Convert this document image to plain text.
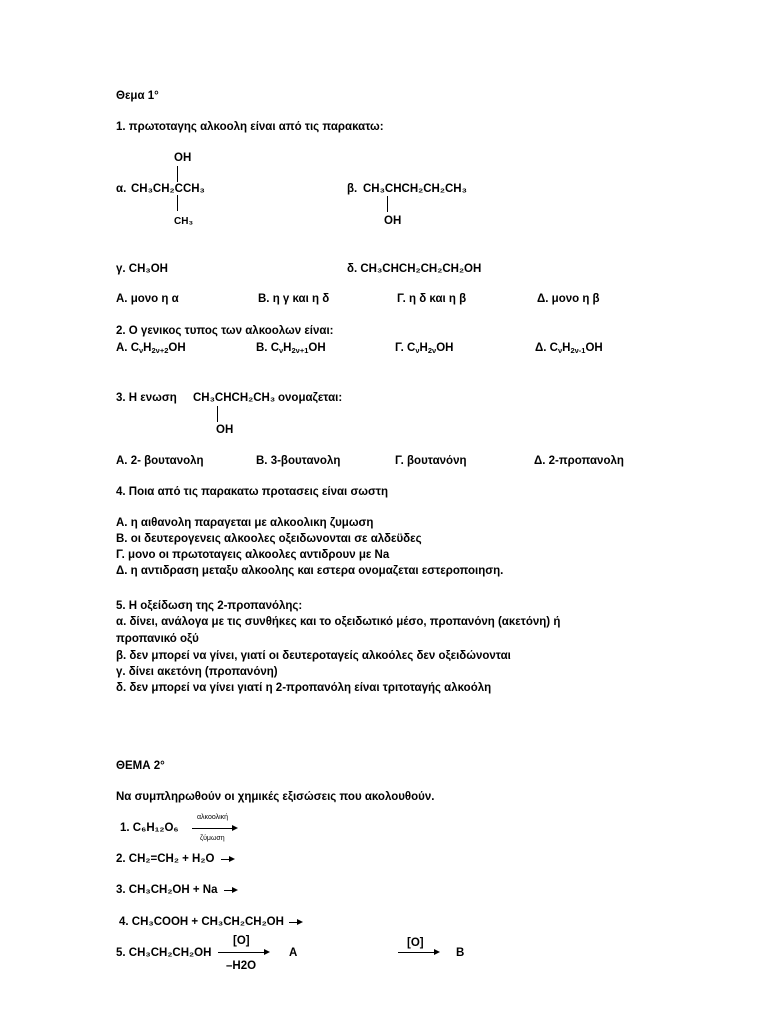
Θεμα 1°
1. πρωτοταγης αλκοολη είναι από τις παρακατω:
OH
α. CH₃CH₂CCH₃
CH₃
β. CH₃CHCH₂CH₂CH₃
OH
γ. CH₃OH	δ. CH₃CHCH₂CH₂CH₂OH
Α. μονο η α	Β. η γ και η δ	Γ. η δ και η β	Δ. μονο η β
2. Ο γενικος τυπος των αλκοολων είναι:
Α. $C_\nu H_{2\nu+2}OH$	Β. $C_\nu H_{2\nu+1}OH$	Γ. $C_\nu H_{2\nu}OH$	Δ. $C_\nu H_{2\nu-1}OH$
3. Η ενωση CH₃CHCH₂CH₃ ονομαζεται:
OH
Α. 2- βουτανολη	Β. 3-βουτανολη	Γ. βουτανόνη	Δ. 2-προπανολη
4. Ποια από τις παρακατω προτασεις είναι σωστη
Α. η αιθανολη παραγεται με αλκοολικη ζυμωση
Β. οι δευτερογενεις αλκοολες οξειδωνονται σε αλδεϋδες
Γ. μονο οι πρωτοταγεις αλκοολες αντιδρουν με Na
Δ. η αντιδραση μεταξυ αλκοολης και εστερα ονομαζεται εστεροποιηση.
5. Η οξείδωση της 2-προπανόλης:
α. δίνει, ανάλογα με τις συνθήκες και το οξειδωτικό μέσο, προπανόνη (ακετόνη) ή
προπανικό οξύ
β. δεν μπορεί να γίνει, γιατί οι δευτεροταγείς αλκοόλες δεν οξειδώνονται
γ. δίνει ακετόνη (προπανόνη)
δ. δεν μπορεί να γίνει γιατί η 2-προπανόλη είναι τριτοταγής αλκοόλη
ΘΕΜΑ 2°
Να συμπληρωθούν οι χημικές εξισώσεις που ακολουθούν.
αλκοολική
1. C₆H₁₂O₆
ζύμωση
2. CH₂=CH₂ + H₂O
3. CH₃CH₂OH + Na
4. CH₃COOH + CH₃CH₂CH₂OH
[O]
5. CH₃CH₂CH₂OH
–H2O
Α
[O]
Β
